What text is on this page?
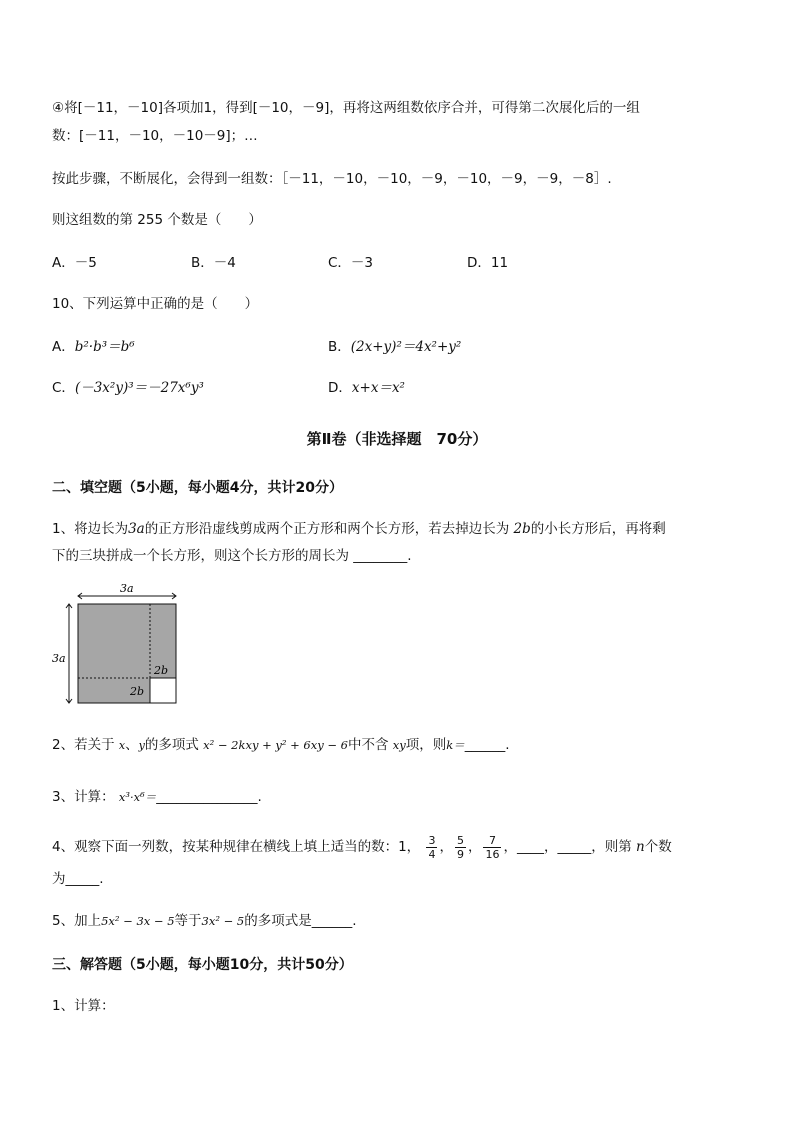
④将[－11，－10]各项加1，得到[－10，－9]，再将这两组数依序合并，可得第二次展化后的一组
数：[－11，－10，－10－9]；…
按此步骤，不断展化，会得到一组数：［－11，－10，－10，－9，－10，－9，－9，－8］.
则这组数的第 255 个数是（　　）
A．－5	B．－4	C．－3	D．11
10、下列运算中正确的是（　　）
A．b²·b³＝b⁶	B．(2x+y)²＝4x²+y²
C．(－3x²y)³＝－27x⁶y³	D．x+x＝x²
第Ⅱ卷（非选择题　70分）
二、填空题（5小题，每小题4分，共计20分）
1、将边长为3a的正方形沿虚线剪成两个正方形和两个长方形，若去掉边长为 2b的小长方形后，再将剩
下的三块拼成一个长方形，则这个长方形的周长为 ________.
3a
3a
2b
2b
2、若关于 x、y的多项式 x² − 2kxy + y² + 6xy − 6中不含 xy项，则k＝______.
3、计算： x³·x⁶＝_______________.
4、观察下面一列数，按某种规律在横线上填上适当的数：1， $\frac{3}{4}$ ， $\frac{5}{9}$ ， $\frac{7}{16}$ ，____，_____，则第 n个数
为_____.
5、加上5x² − 3x − 5等于3x² − 5的多项式是______.
三、解答题（5小题，每小题10分，共计50分）
1、计算：
